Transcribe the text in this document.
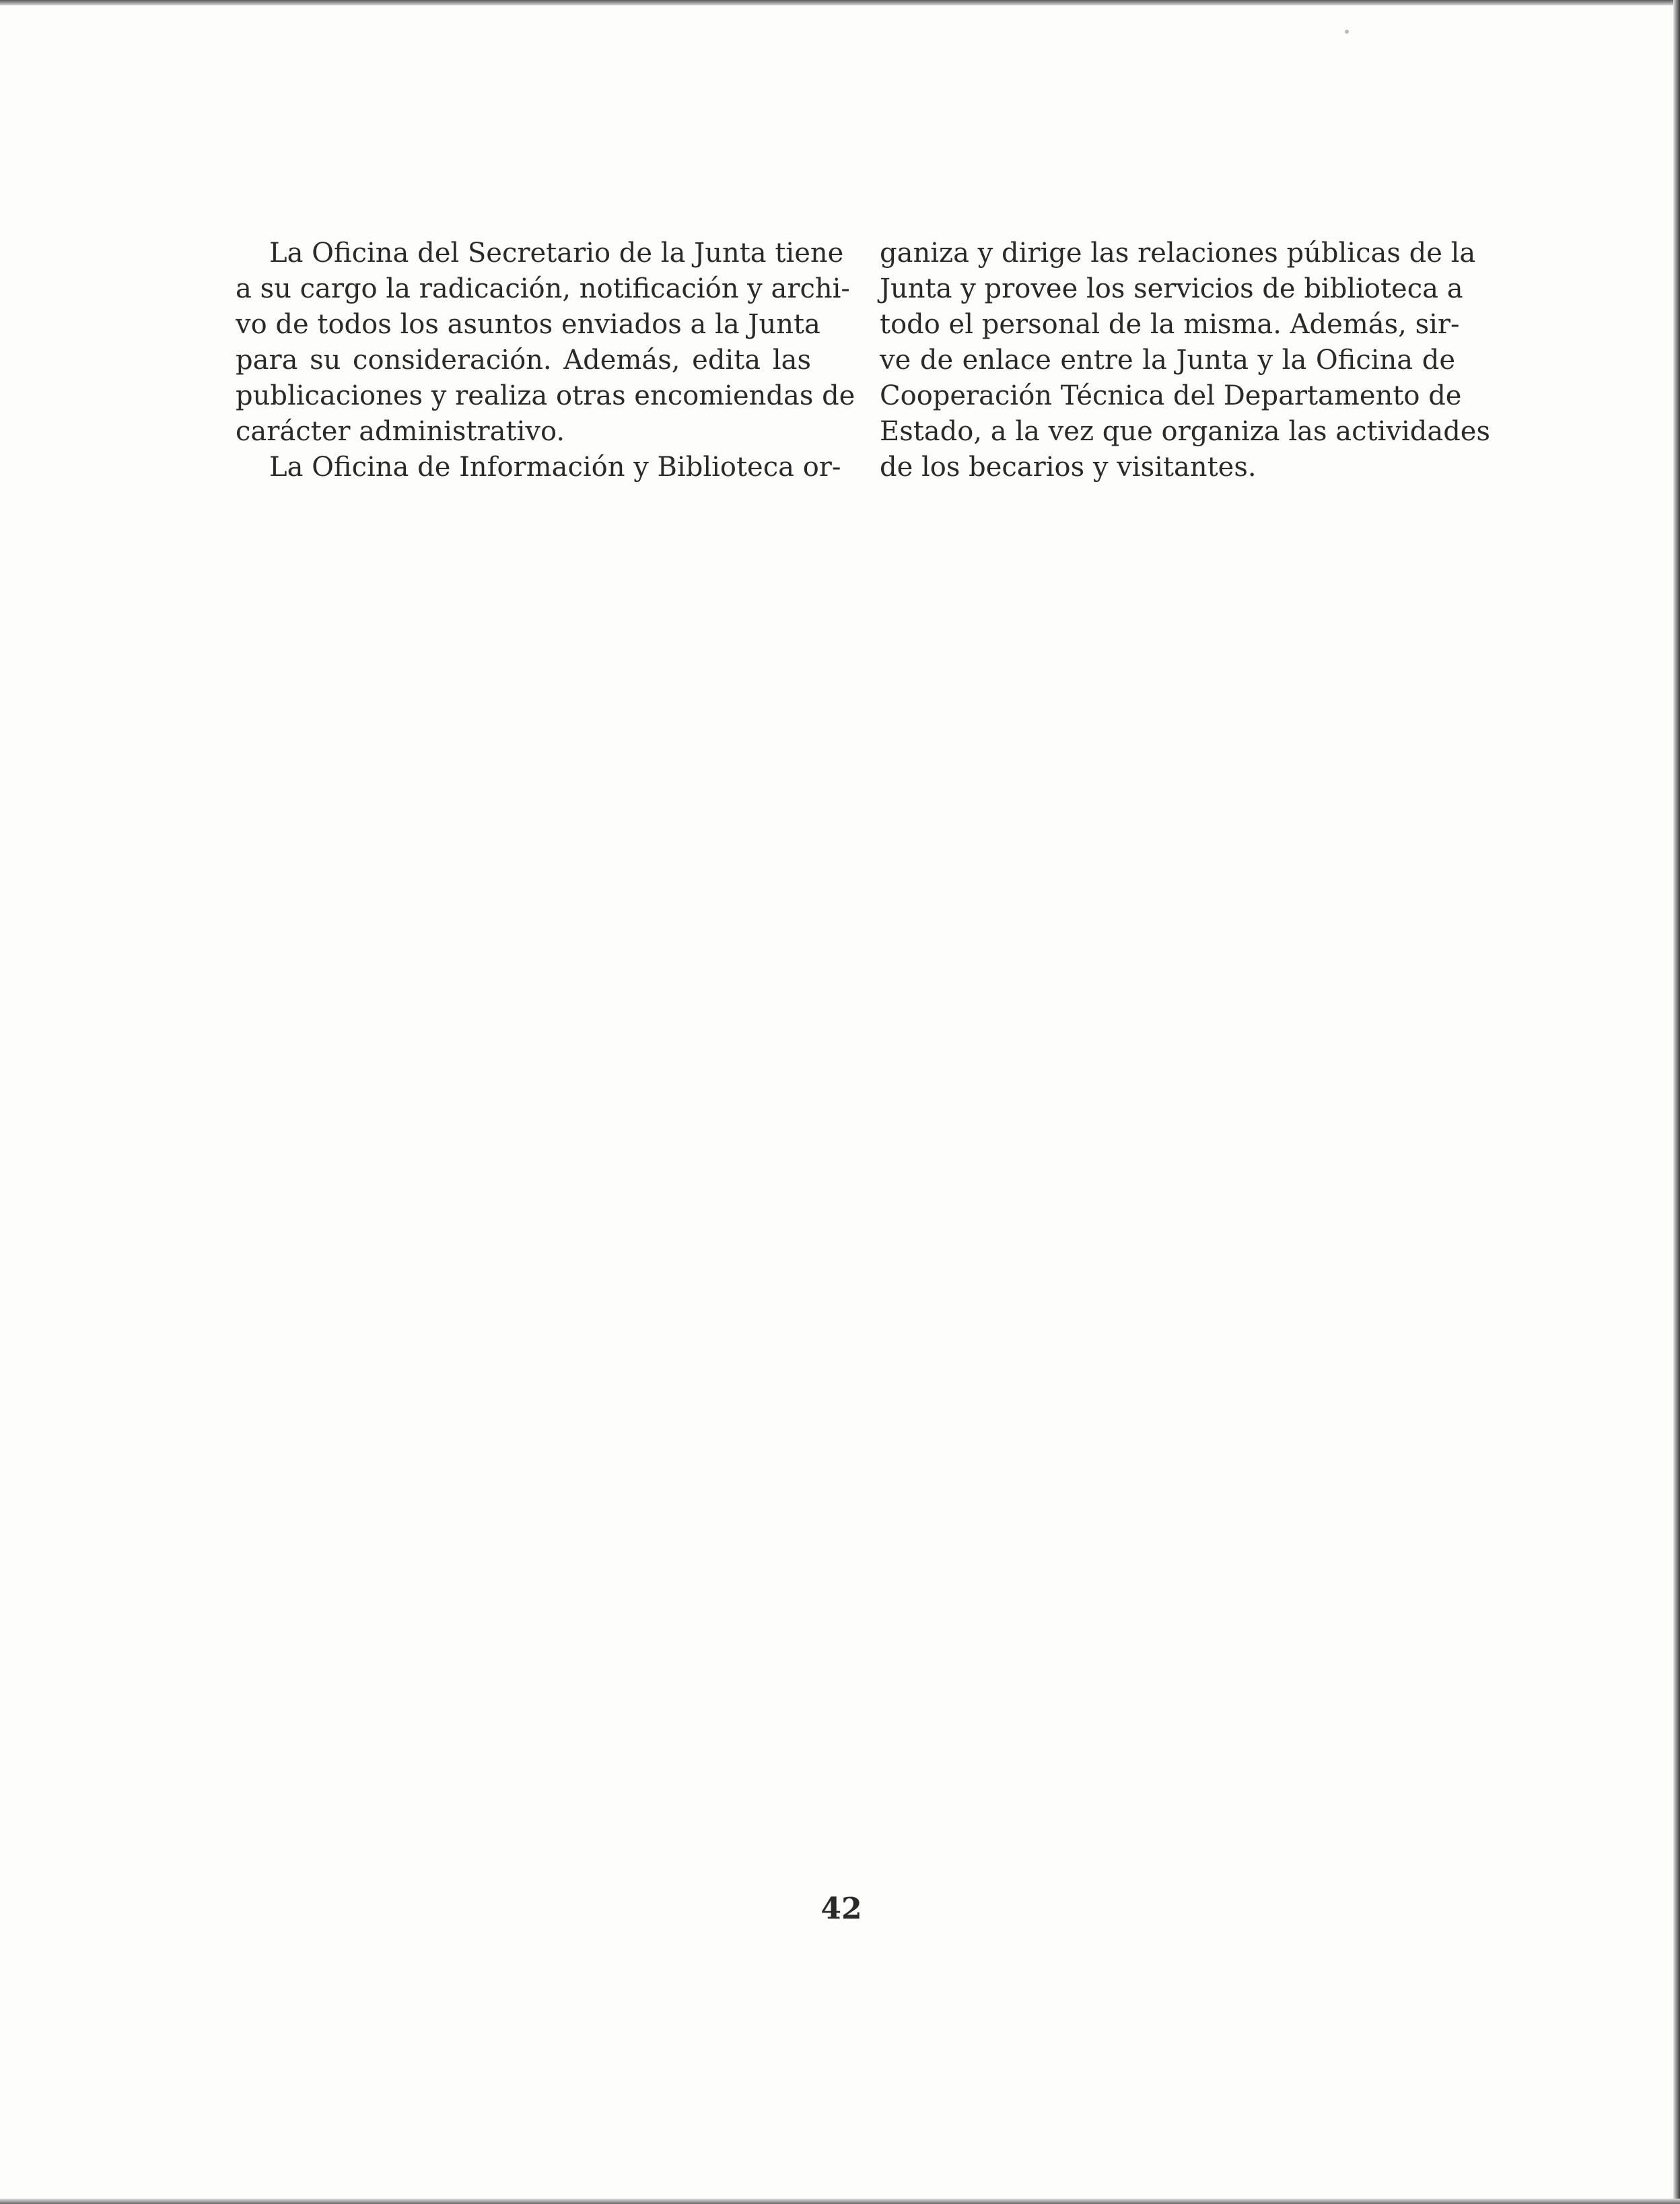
La Oficina del Secretario de la Junta tiene
a su cargo la radicación, notificación y archi-
vo de todos los asuntos enviados a la Junta
para su consideración. Además, edita las
publicaciones y realiza otras encomiendas de
carácter administrativo.
La Oficina de Información y Biblioteca or-
ganiza y dirige las relaciones públicas de la
Junta y provee los servicios de biblioteca a
todo el personal de la misma. Además, sir-
ve de enlace entre la Junta y la Oficina de
Cooperación Técnica del Departamento de
Estado, a la vez que organiza las actividades
de los becarios y visitantes.
42
